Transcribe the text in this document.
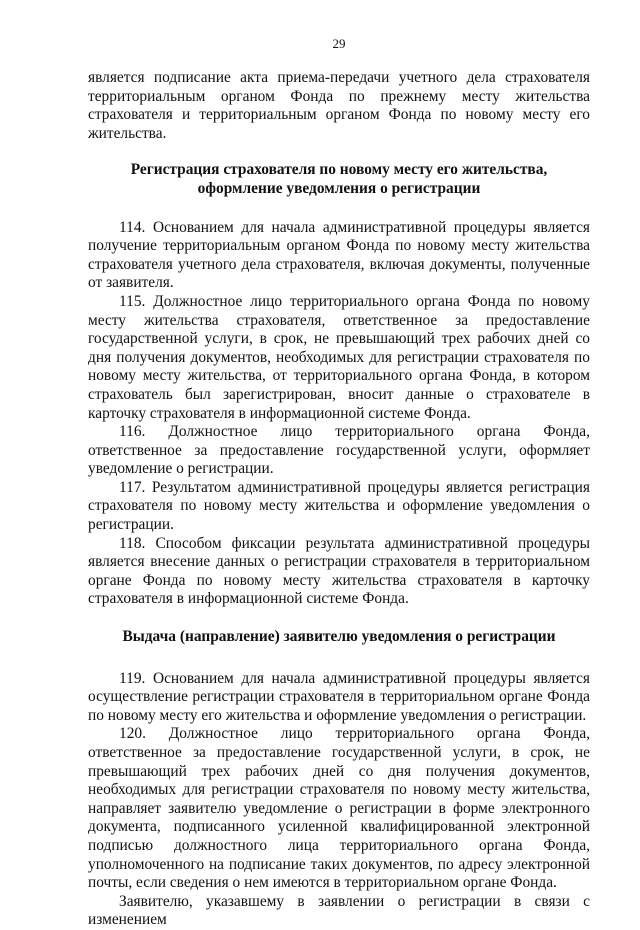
29

является подписание акта приема-передачи учетного дела страхователя территориальным органом Фонда по прежнему месту жительства страхователя и территориальным органом Фонда по новому месту его жительства.

Регистрация страхователя по новому месту его жительства, оформление уведомления о регистрации

114. Основанием для начала административной процедуры является получение территориальным органом Фонда по новому месту жительства страхователя учетного дела страхователя, включая документы, полученные от заявителя.

115. Должностное лицо территориального органа Фонда по новому месту жительства страхователя, ответственное за предоставление государственной услуги, в срок, не превышающий трех рабочих дней со дня получения документов, необходимых для регистрации страхователя по новому месту жительства, от территориального органа Фонда, в котором страхователь был зарегистрирован, вносит данные о страхователе в карточку страхователя в информационной системе Фонда.

116. Должностное лицо территориального органа Фонда, ответственное за предоставление государственной услуги, оформляет уведомление о регистрации.

117. Результатом административной процедуры является регистрация страхователя по новому месту жительства и оформление уведомления о регистрации.

118. Способом фиксации результата административной процедуры является внесение данных о регистрации страхователя в территориальном органе Фонда по новому месту жительства страхователя в карточку страхователя в информационной системе Фонда.

Выдача (направление) заявителю уведомления о регистрации

119. Основанием для начала административной процедуры является осуществление регистрации страхователя в территориальном органе Фонда по новому месту его жительства и оформление уведомления о регистрации.

120. Должностное лицо территориального органа Фонда, ответственное за предоставление государственной услуги, в срок, не превышающий трех рабочих дней со дня получения документов, необходимых для регистрации страхователя по новому месту жительства, направляет заявителю уведомление о регистрации в форме электронного документа, подписанного усиленной квалифицированной электронной подписью должностного лица территориального органа Фонда, уполномоченного на подписание таких документов, по адресу электронной почты, если сведения о нем имеются в территориальном органе Фонда.

Заявителю, указавшему в заявлении о регистрации в связи с изменением
